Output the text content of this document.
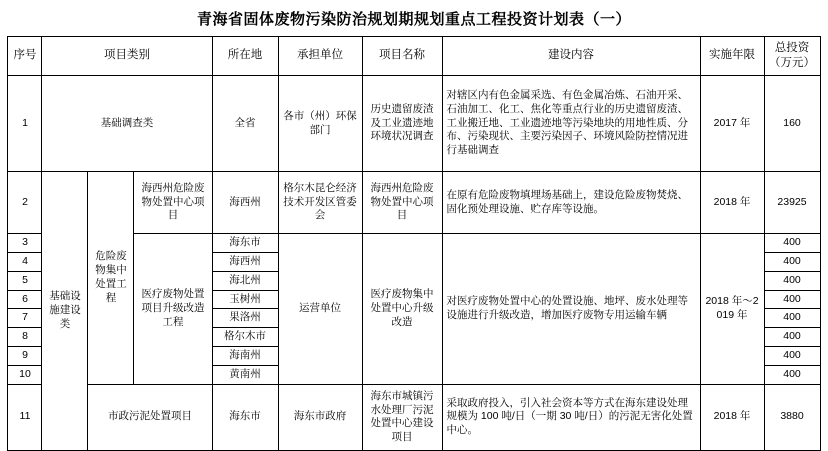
青海省固体废物污染防治规划期规划重点工程投资计划表（一）
序号	项目类别			所在地	承担单位	项目名称	建设内容	实施年限	总投资（万元）
1	基础调查类			全省	各市（州）环保部门	历史遗留废渣及工业遗迹地环境状况调查	对辖区内有色金属采选、有色金属冶炼、石油开采、石油加工、化工、焦化等重点行业的历史遗留废渣、工业搬迁地、工业遗迹地等污染地块的用地性质、分布、污染现状、主要污染因子、环境风险防控情况进行基础调查	2017 年	160
2	基础设施建设类	危险废物集中处置工程	海西州危险废物处置中心项目	海西州	格尔木昆仑经济技术开发区管委会	海西州危险废物处置中心项目	在原有危险废物填埋场基础上，建设危险废物焚烧、固化预处理设施、贮存库等设施。	2018 年	23925
3			医疗废物处置项目升级改造工程	海东市	运营单位	医疗废物集中处置中心升级改造	对医疗废物处置中心的处置设施、地坪、废水处理等设施进行升级改造，增加医疗废物专用运输车辆	2018 年～2019 年	400
4				海西州					400
5				海北州					400
6				玉树州					400
7				果洛州					400
8				格尔木市					400
9				海南州					400
10				黄南州					400
11		市政污泥处置项目		海东市	海东市政府	海东市城镇污水处理厂污泥处置中心建设项目	采取政府投入，引入社会资本等方式在海东建设处理规模为 100 吨/日（一期 30 吨/日）的污泥无害化处置中心。	2018 年	3880
